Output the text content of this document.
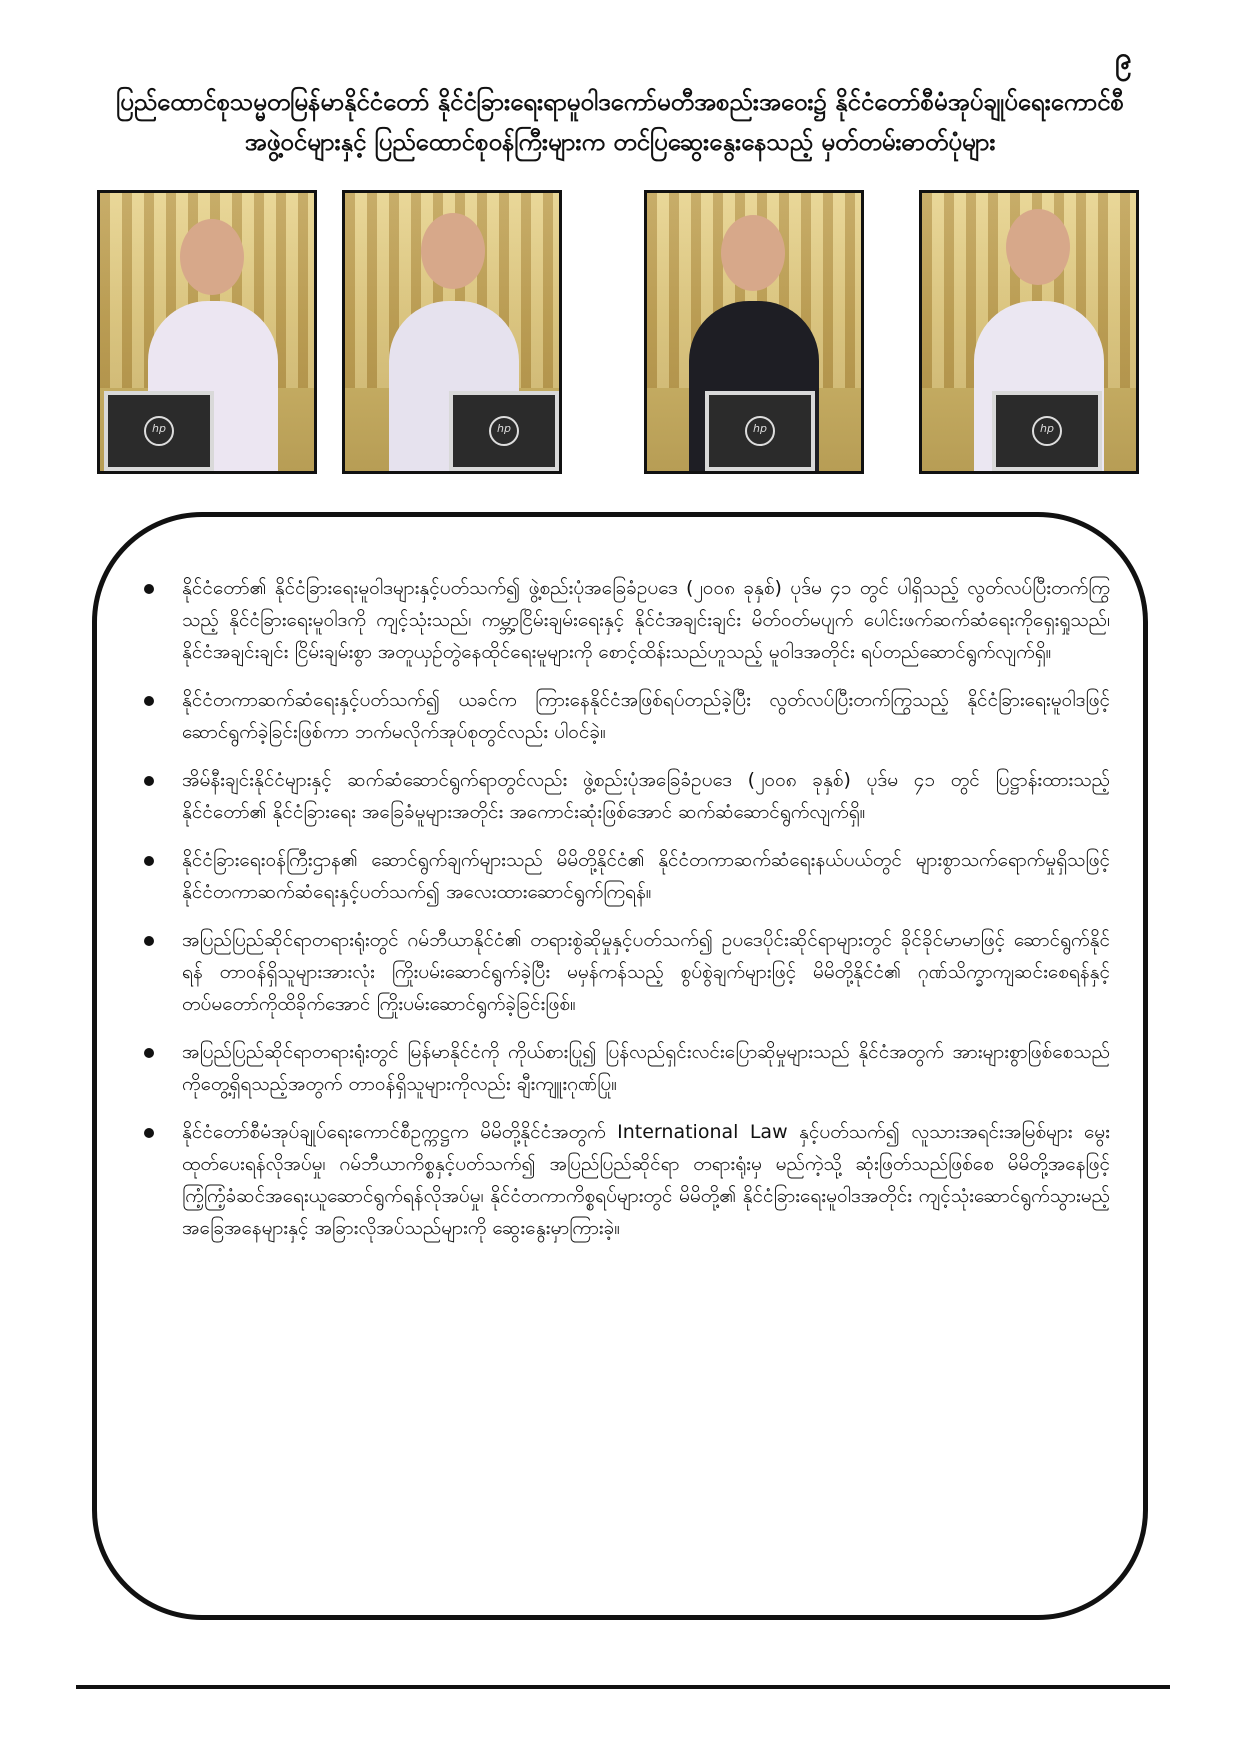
၉
ပြည်ထောင်စုသမ္မတမြန်မာနိုင်ငံတော် နိုင်ငံခြားရေးရာမူဝါဒကော်မတီအစည်းအဝေး၌ နိုင်ငံတော်စီမံအုပ်ချုပ်ရေးကောင်စီ
အဖွဲ့ဝင်များနှင့် ပြည်ထောင်စုဝန်ကြီးများက တင်ပြဆွေးနွေးနေသည့် မှတ်တမ်းဓာတ်ပုံများ
hp	hp	hp	hp
နိုင်ငံတော်၏ နိုင်ငံခြားရေးမူဝါဒများနှင့်ပတ်သက်၍ ဖွဲ့စည်းပုံအခြေခံဥပဒေ (၂၀၀၈ ခုနှစ်) ပုဒ်မ ၄၁ တွင် ပါရှိသည့် လွတ်လပ်ပြီးတက်ကြွသည့် နိုင်ငံခြားရေးမူဝါဒကို ကျင့်သုံးသည်၊ ကမ္ဘာ့ငြိမ်းချမ်းရေးနှင့် နိုင်ငံအချင်းချင်း မိတ်ဝတ်မပျက် ပေါင်းဖက်ဆက်ဆံရေးကိုရှေးရှုသည်၊ နိုင်ငံအချင်းချင်း ငြိမ်းချမ်းစွာ အတူယှဉ်တွဲနေထိုင်ရေးမူများကို စောင့်ထိန်းသည်ဟူသည့် မူဝါဒအတိုင်း ရပ်တည်ဆောင်ရွက်လျက်ရှိ။
နိုင်ငံတကာဆက်ဆံရေးနှင့်ပတ်သက်၍ ယခင်က ကြားနေနိုင်ငံအဖြစ်ရပ်တည်ခဲ့ပြီး လွတ်လပ်ပြီးတက်ကြွသည့် နိုင်ငံခြားရေးမူဝါဒဖြင့် ဆောင်ရွက်ခဲ့ခြင်းဖြစ်ကာ ဘက်မလိုက်အုပ်စုတွင်လည်း ပါဝင်ခဲ့။
အိမ်နီးချင်းနိုင်ငံများနှင့် ဆက်ဆံဆောင်ရွက်ရာတွင်လည်း ဖွဲ့စည်းပုံအခြေခံဥပဒေ (၂၀၀၈ ခုနှစ်) ပုဒ်မ ၄၁ တွင် ပြဋ္ဌာန်းထားသည့် နိုင်ငံတော်၏ နိုင်ငံခြားရေး အခြေခံမူများအတိုင်း အကောင်းဆုံးဖြစ်အောင် ဆက်ဆံဆောင်ရွက်လျက်ရှိ။
နိုင်ငံခြားရေးဝန်ကြီးဌာန၏ ဆောင်ရွက်ချက်များသည် မိမိတို့နိုင်ငံ၏ နိုင်ငံတကာဆက်ဆံရေးနယ်ပယ်တွင် များစွာသက်ရောက်မှုရှိသဖြင့် နိုင်ငံတကာဆက်ဆံရေးနှင့်ပတ်သက်၍ အလေးထားဆောင်ရွက်ကြရန်။
အပြည်ပြည်ဆိုင်ရာတရားရုံးတွင် ဂမ်ဘီယာနိုင်ငံ၏ တရားစွဲဆိုမှုနှင့်ပတ်သက်၍ ဥပဒေပိုင်းဆိုင်ရာများတွင် ခိုင်ခိုင်မာမာဖြင့် ဆောင်ရွက်နိုင်ရန် တာဝန်ရှိသူများအားလုံး ကြိုးပမ်းဆောင်ရွက်ခဲ့ပြီး မမှန်ကန်သည့် စွပ်စွဲချက်များဖြင့် မိမိတို့နိုင်ငံ၏ ဂုဏ်သိက္ခာကျဆင်းစေရန်နှင့် တပ်မတော်ကိုထိခိုက်အောင် ကြိုးပမ်းဆောင်ရွက်ခဲ့ခြင်းဖြစ်။
အပြည်ပြည်ဆိုင်ရာတရားရုံးတွင် မြန်မာနိုင်ငံကို ကိုယ်စားပြု၍ ပြန်လည်ရှင်းလင်းပြောဆိုမှုများသည် နိုင်ငံအတွက် အားများစွာဖြစ်စေသည်ကိုတွေ့ရှိရသည့်အတွက် တာဝန်ရှိသူများကိုလည်း ချီးကျူးဂုဏ်ပြု။
နိုင်ငံတော်စီမံအုပ်ချုပ်ရေးကောင်စီဥက္ကဋ္ဌက မိမိတို့နိုင်ငံအတွက် International Law နှင့်ပတ်သက်၍ လူသားအရင်းအမြစ်များ မွေးထုတ်ပေးရန်လိုအပ်မှု၊ ဂမ်ဘီယာကိစ္စနှင့်ပတ်သက်၍ အပြည်ပြည်ဆိုင်ရာ တရားရုံးမှ မည်ကဲ့သို့ ဆုံးဖြတ်သည်ဖြစ်စေ မိမိတို့အနေဖြင့် ကြံ့ကြံ့ခံဆင်အရေးယူဆောင်ရွက်ရန်လိုအပ်မှု၊ နိုင်ငံတကာကိစ္စရပ်များတွင် မိမိတို့၏ နိုင်ငံခြားရေးမူဝါဒအတိုင်း ကျင့်သုံးဆောင်ရွက်သွားမည့်အခြေအနေများနှင့် အခြားလိုအပ်သည်များကို ဆွေးနွေးမှာကြားခဲ့။
